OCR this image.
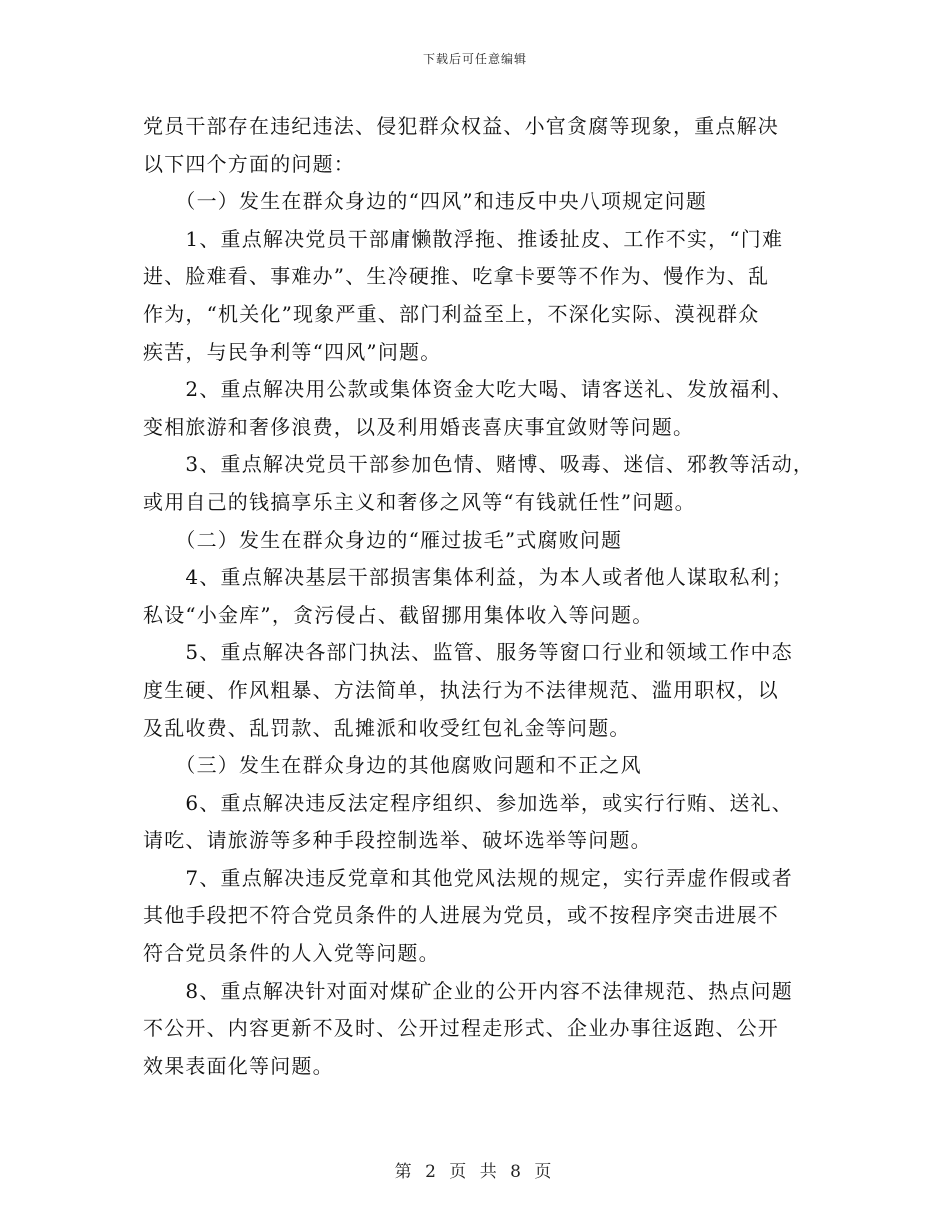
下载后可任意编辑

党员干部存在违纪违法、侵犯群众权益、小官贪腐等现象，重点解决

以下四个方面的问题：

　　（一）发生在群众身边的“四风”和违反中央八项规定问题

　　1、重点解决党员干部庸懒散浮拖、推诿扯皮、工作不实，“门难

进、脸难看、事难办”、生冷硬推、吃拿卡要等不作为、慢作为、乱

作为，“机关化”现象严重、部门利益至上，不深化实际、漠视群众

疾苦，与民争利等“四风”问题。

　　2、重点解决用公款或集体资金大吃大喝、请客送礼、发放福利、

变相旅游和奢侈浪费，以及利用婚丧喜庆事宜敛财等问题。

　　3、重点解决党员干部参加色情、赌博、吸毒、迷信、邪教等活动，

或用自己的钱搞享乐主义和奢侈之风等“有钱就任性”问题。

　　（二）发生在群众身边的“雁过拔毛”式腐败问题

　　4、重点解决基层干部损害集体利益，为本人或者他人谋取私利；

私设“小金库”，贪污侵占、截留挪用集体收入等问题。

　　5、重点解决各部门执法、监管、服务等窗口行业和领域工作中态

度生硬、作风粗暴、方法简单，执法行为不法律规范、滥用职权，以

及乱收费、乱罚款、乱摊派和收受红包礼金等问题。

　　（三）发生在群众身边的其他腐败问题和不正之风

　　6、重点解决违反法定程序组织、参加选举，或实行行贿、送礼、

请吃、请旅游等多种手段控制选举、破坏选举等问题。

　　7、重点解决违反党章和其他党风法规的规定，实行弄虚作假或者

其他手段把不符合党员条件的人进展为党员，或不按程序突击进展不

符合党员条件的人入党等问题。

　　8、重点解决针对面对煤矿企业的公开内容不法律规范、热点问题

不公开、内容更新不及时、公开过程走形式、企业办事往返跑、公开

效果表面化等问题。

第 2 页 共 8 页
